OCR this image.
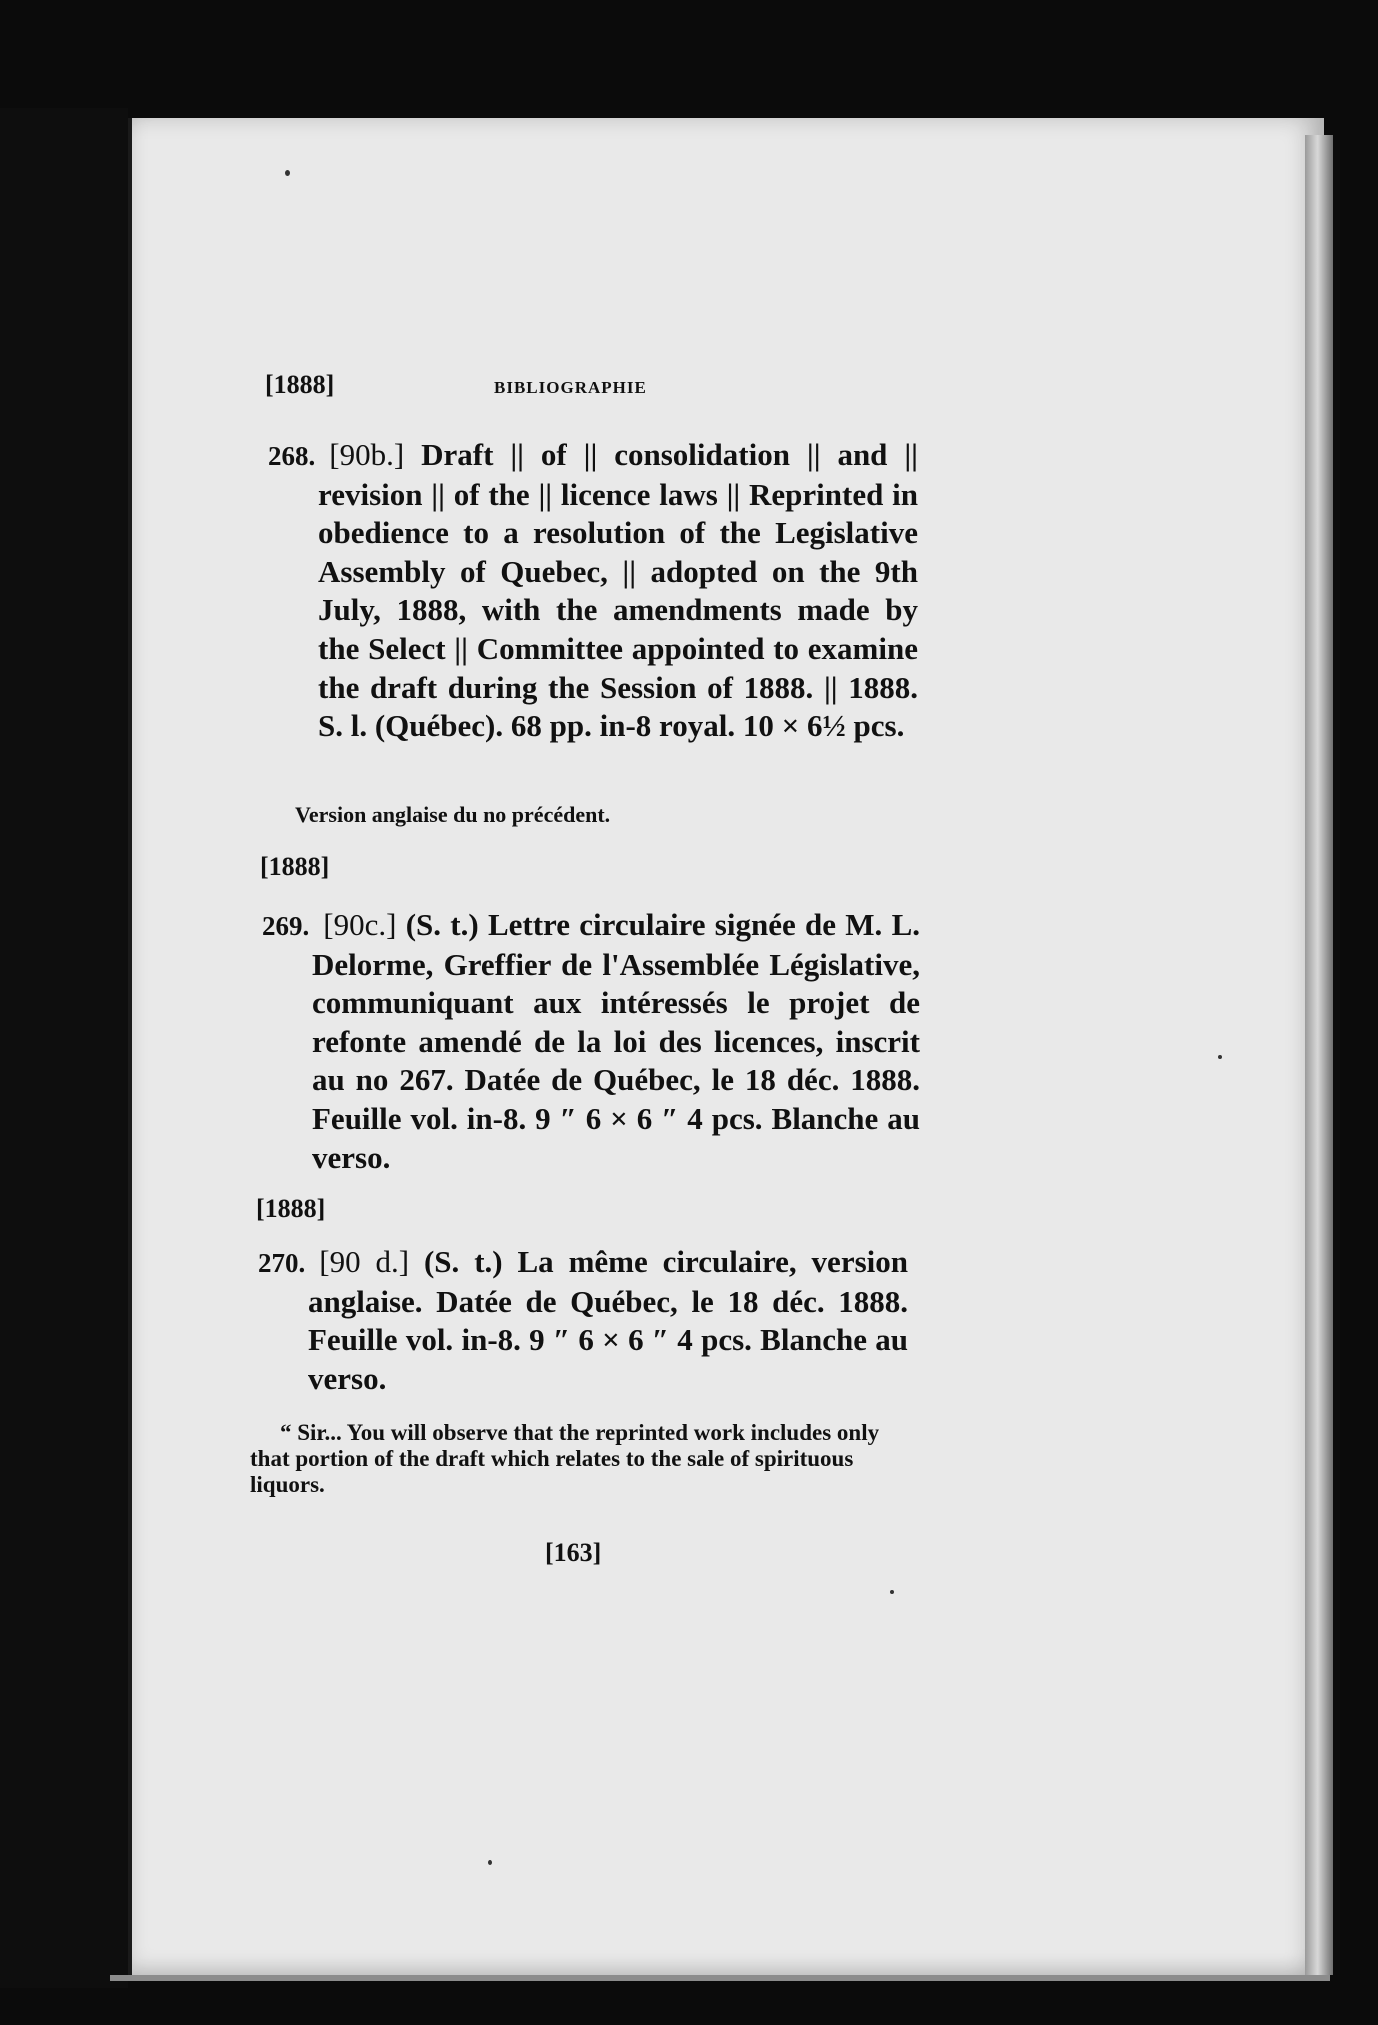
[1888]	BIBLIOGRAPHIE
268. [90b.] Draft || of || consolidation || and || revision || of the || licence laws || Reprinted in obedience to a resolution of the Legislative Assembly of Quebec, || adopted on the 9th July, 1888, with the amendments made by the Select || Committee appointed to examine the draft during the Session of 1888. || 1888. S. l. (Québec). 68 pp. in-8 royal. 10 × 6½ pcs.
Version anglaise du no précédent.
[1888]
269. [90c.] (S. t.) Lettre circulaire signée de M. L. Delorme, Greffier de l'Assemblée Législative, communiquant aux intéressés le projet de refonte amendé de la loi des licences, inscrit au no 267. Datée de Québec, le 18 déc. 1888. Feuille vol. in-8. 9 ″ 6 × 6 ″ 4 pcs. Blanche au verso.
[1888]
270. [90 d.] (S. t.) La même circulaire, version anglaise. Datée de Québec, le 18 déc. 1888. Feuille vol. in-8. 9 ″ 6 × 6 ″ 4 pcs. Blanche au verso.
“ Sir... You will observe that the reprinted work includes only that portion of the draft which relates to the sale of spirituous liquors.
[163]
